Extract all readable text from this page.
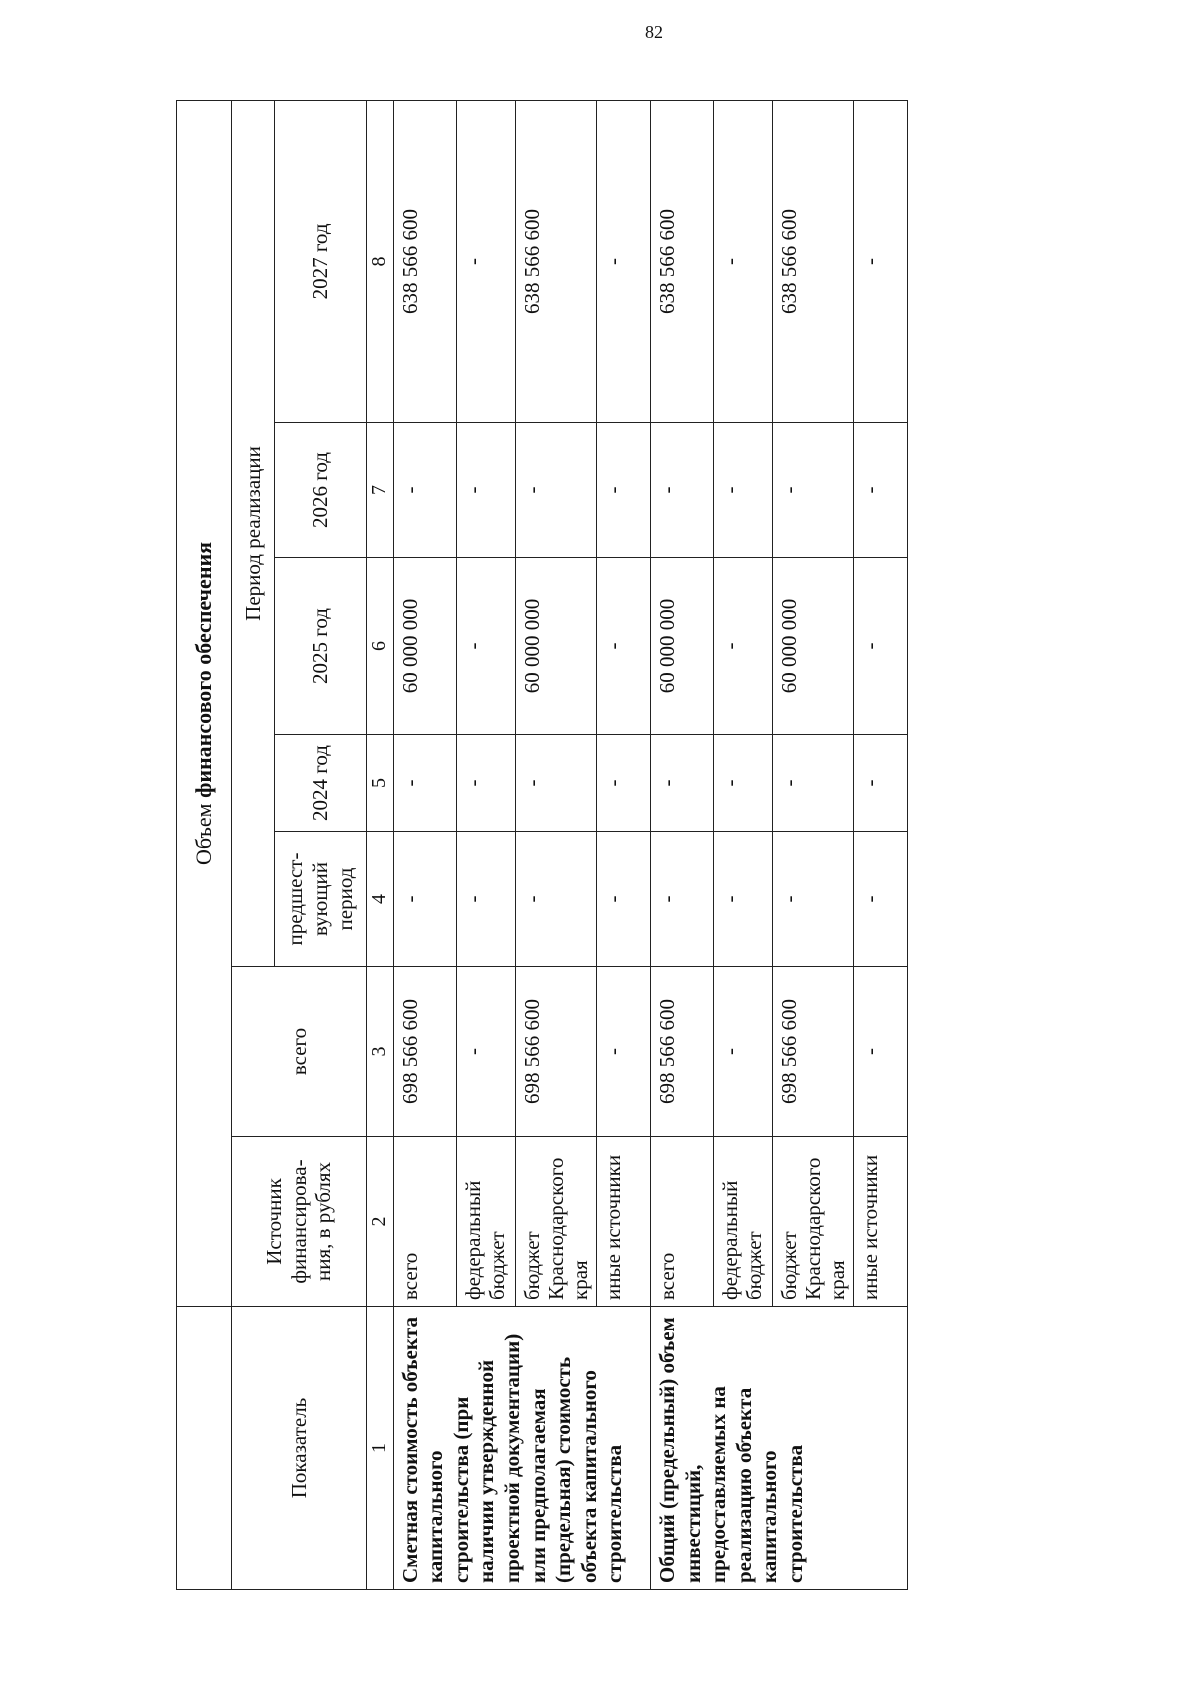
82
	Объем финансового обеспечения						
Показатель	Источник финансирова-ния, в рублях	всего	Период реализации				
			предшест-вующий период	2024 год	2025 год	2026 год	2027 год
1	2	3	4	5	6	7	8
Сметная стоимость объекта капитального строительства (при наличии утвержденной проектной документации) или предполагаемая (предельная) стоимость объекта капитального строительства	всего	698 566 600	-	-	60 000 000	-	638 566 600
	федеральный бюджет	-	-	-	-	-	-
	бюджет Краснодарского края	698 566 600	-	-	60 000 000	-	638 566 600
	иные источники	-	-	-	-	-	-
Общий (предельный) объем инвестиций, предоставляемых на реализацию объекта капитального строительства	всего	698 566 600	-	-	60 000 000	-	638 566 600
	федеральный бюджет	-	-	-	-	-	-
	бюджет Краснодарского края	698 566 600	-	-	60 000 000	-	638 566 600
	иные источники	-	-	-	-	-	-
